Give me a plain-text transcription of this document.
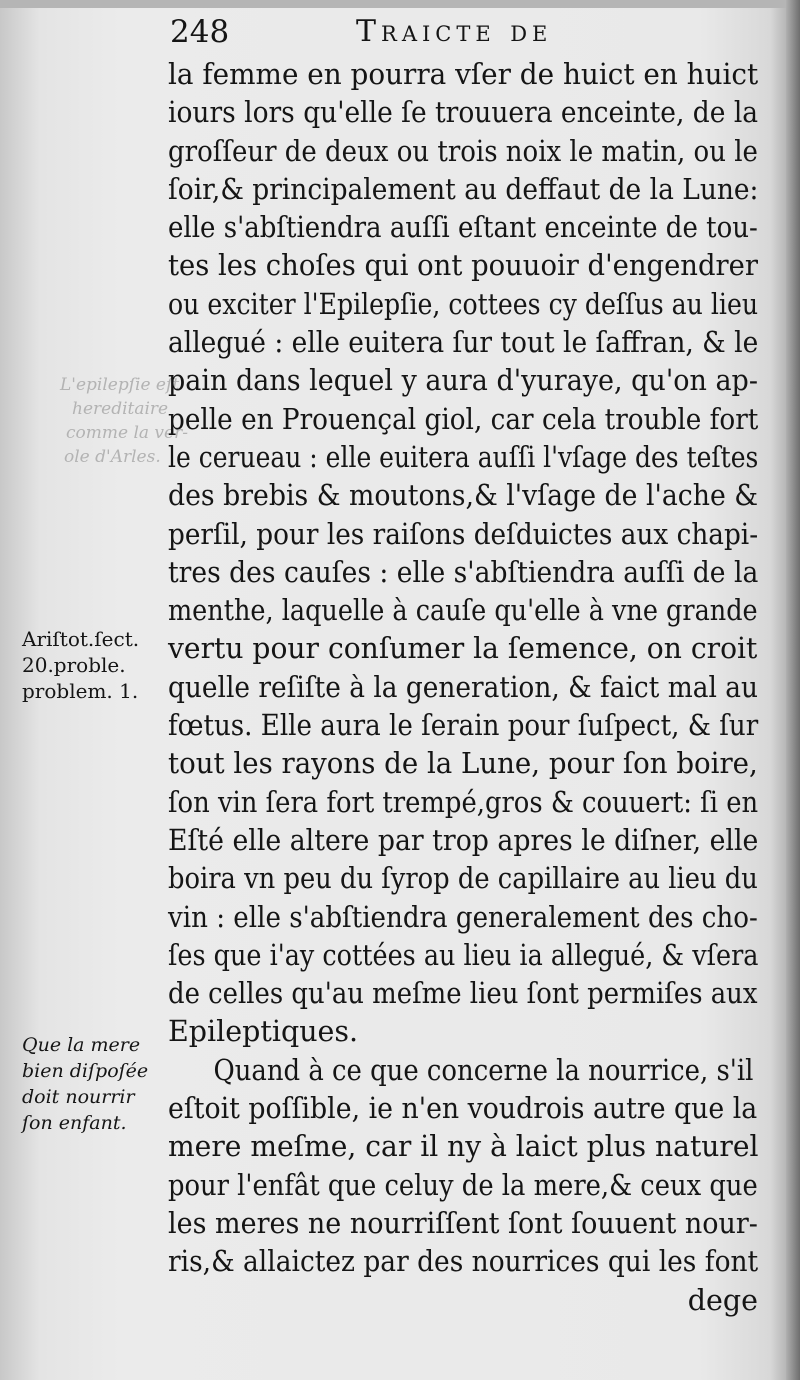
L'epilepſie eſt
hereditaire
comme la ver-
ole d'Arles.
248	Traicte de
Ariſtot.ſect.
20.proble.
problem. 1.
Que la mere
bien diſpoſée
doit nourrir
ſon enfant.
la femme en pourra vſer de huict en huict
iours lors qu'elle ſe trouuera enceinte, de la
groſſeur de deux ou trois noix le matin, ou le
ſoir,& principalement au deffaut de la Lune:
elle s'abſtiendra auſſi eſtant enceinte de tou-
tes les choſes qui ont pouuoir d'engendrer
ou exciter l'Epilepſie, cottees cy deſſus au lieu
allegué : elle euitera ſur tout le ſaffran, & le
pain dans lequel y aura d'yuraye, qu'on ap-
pelle en Prouençal giol, car cela trouble fort
le cerueau : elle euitera auſſi l'vſage des teſtes
des brebis & moutons,& l'vſage de l'ache &
perſil, pour les raiſons deſduictes aux chapi-
tres des cauſes : elle s'abſtiendra auſſi de la
menthe, laquelle à cauſe qu'elle à vne grande
vertu pour conſumer la ſemence, on croit
quelle reſiſte à la generation, & faict mal au
fœtus. Elle aura le ſerain pour ſuſpect, & ſur
tout les rayons de la Lune, pour ſon boire,
ſon vin ſera fort trempé,gros & couuert: ſi en
Eſté elle altere par trop apres le diſner, elle
boira vn peu du ſyrop de capillaire au lieu du
vin : elle s'abſtiendra generalement des cho-
ſes que i'ay cottées au lieu ia allegué, & vſera
de celles qu'au meſme lieu ſont permiſes aux
Epileptiques.
Quand à ce que concerne la nourrice, s'il
eſtoit poſſible, ie n'en voudrois autre que la
mere meſme, car il ny à laict plus naturel
pour l'enfât que celuy de la mere,& ceux que
les meres ne nourriſſent ſont ſouuent nour-
ris,& allaictez par des nourrices qui les font
dege
